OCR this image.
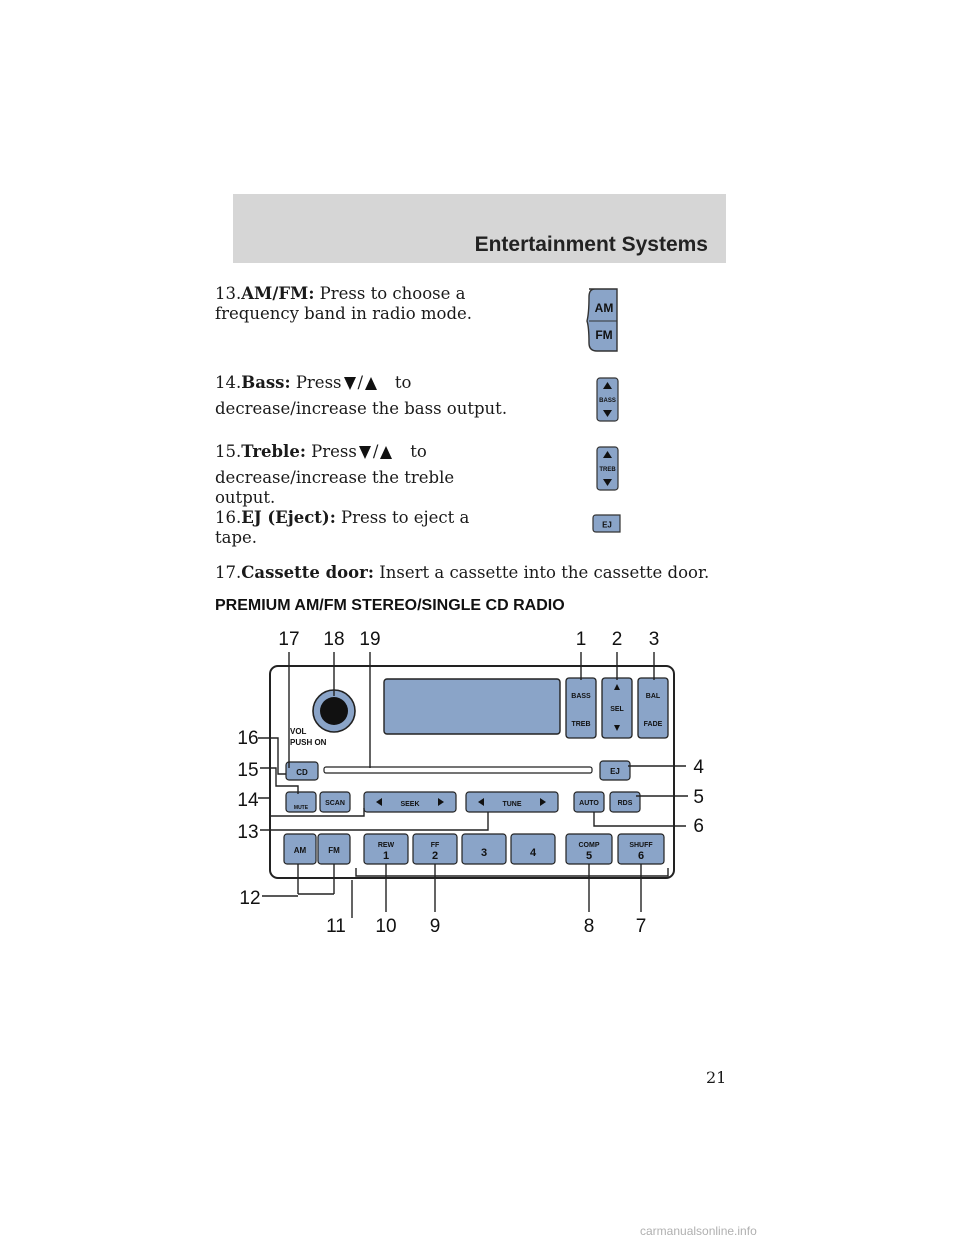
Entertainment Systems
13.AM/FM: Press to choose a
frequency band in radio mode.
14.Bass: Press / to
decrease/increase the bass output.
15.Treble: Press / to
decrease/increase the treble output.
16.EJ (Eject): Press to eject a
tape.
17.Cassette door: Insert a cassette into the cassette door.
AM
FM
BASS
TREB
EJ
PREMIUM AM/FM STEREO/SINGLE CD RADIO
VOL
PUSH ON
BASS
TREB
SEL
BAL
FADE
CD	EJ
MUTE
SCAN	SEEK	TUNE	AUTO	RDS
AM	FM
REW
1
FF
2	3	4
COMP
5
SHUFF
6
17 18 19	1 2 3
4
5
6
7
8
9
10
11
12
13
14
15
16
21
carmanualsonline.info
